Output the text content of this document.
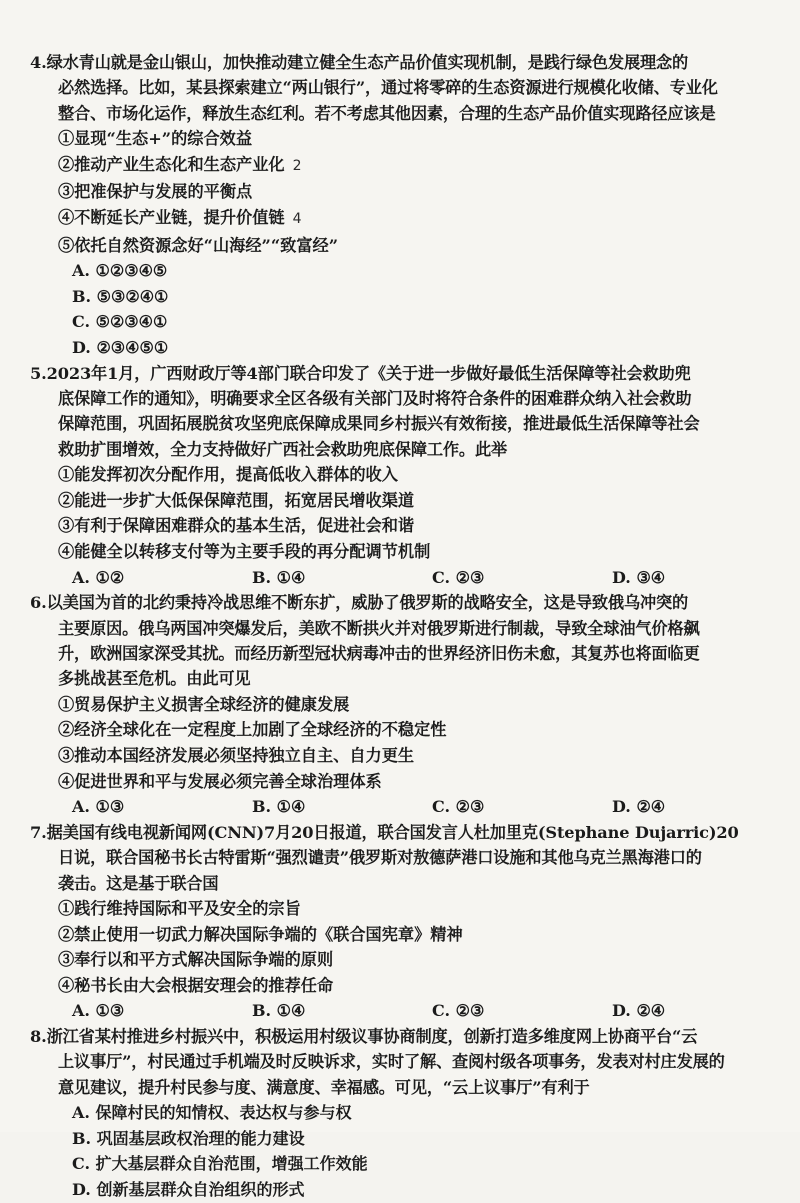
4.绿水青山就是金山银山，加快推动建立健全生态产品价值实现机制，是践行绿色发展理念的
必然选择。比如，某县探索建立“两山银行”，通过将零碎的生态资源进行规模化收储、专业化
整合、市场化运作，释放生态红利。若不考虑其他因素，合理的生态产品价值实现路径应该是
①显现“生态+”的综合效益
②推动产业生态化和生态产业化 2
③把准保护与发展的平衡点
④不断延长产业链，提升价值链 4
⑤依托自然资源念好“山海经”“致富经”
A. ①②③④⑤
B. ⑤③②④①
C. ⑤②③④①
D. ②③④⑤①
5.2023年1月，广西财政厅等4部门联合印发了《关于进一步做好最低生活保障等社会救助兜
底保障工作的通知》，明确要求全区各级有关部门及时将符合条件的困难群众纳入社会救助
保障范围，巩固拓展脱贫攻坚兜底保障成果同乡村振兴有效衔接，推进最低生活保障等社会
救助扩围增效，全力支持做好广西社会救助兜底保障工作。此举
①能发挥初次分配作用，提高低收入群体的收入
②能进一步扩大低保保障范围，拓宽居民增收渠道
③有利于保障困难群众的基本生活，促进社会和谐
④能健全以转移支付等为主要手段的再分配调节机制
A. ①②	B. ①④	C. ②③	D. ③④
6.以美国为首的北约秉持冷战思维不断东扩，威胁了俄罗斯的战略安全，这是导致俄乌冲突的
主要原因。俄乌两国冲突爆发后，美欧不断拱火并对俄罗斯进行制裁，导致全球油气价格飙
升，欧洲国家深受其扰。而经历新型冠状病毒冲击的世界经济旧伤未愈，其复苏也将面临更
多挑战甚至危机。由此可见
①贸易保护主义损害全球经济的健康发展
②经济全球化在一定程度上加剧了全球经济的不稳定性
③推动本国经济发展必须坚持独立自主、自力更生
④促进世界和平与发展必须完善全球治理体系
A. ①③	B. ①④	C. ②③	D. ②④
7.据美国有线电视新闻网(CNN)7月20日报道，联合国发言人杜加里克(Stephane Dujarric)20
日说，联合国秘书长古特雷斯“强烈谴责”俄罗斯对敖德萨港口设施和其他乌克兰黑海港口的
袭击。这是基于联合国
①践行维持国际和平及安全的宗旨
②禁止使用一切武力解决国际争端的《联合国宪章》精神
③奉行以和平方式解决国际争端的原则
④秘书长由大会根据安理会的推荐任命
A. ①③	B. ①④	C. ②③	D. ②④
8.浙江省某村推进乡村振兴中，积极运用村级议事协商制度，创新打造多维度网上协商平台“云
上议事厅”，村民通过手机端及时反映诉求，实时了解、查阅村级各项事务，发表对村庄发展的
意见建议，提升村民参与度、满意度、幸福感。可见，“云上议事厅”有利于
A. 保障村民的知情权、表达权与参与权
B. 巩固基层政权治理的能力建设
C. 扩大基层群众自治范围，增强工作效能
D. 创新基层群众自治组织的形式
